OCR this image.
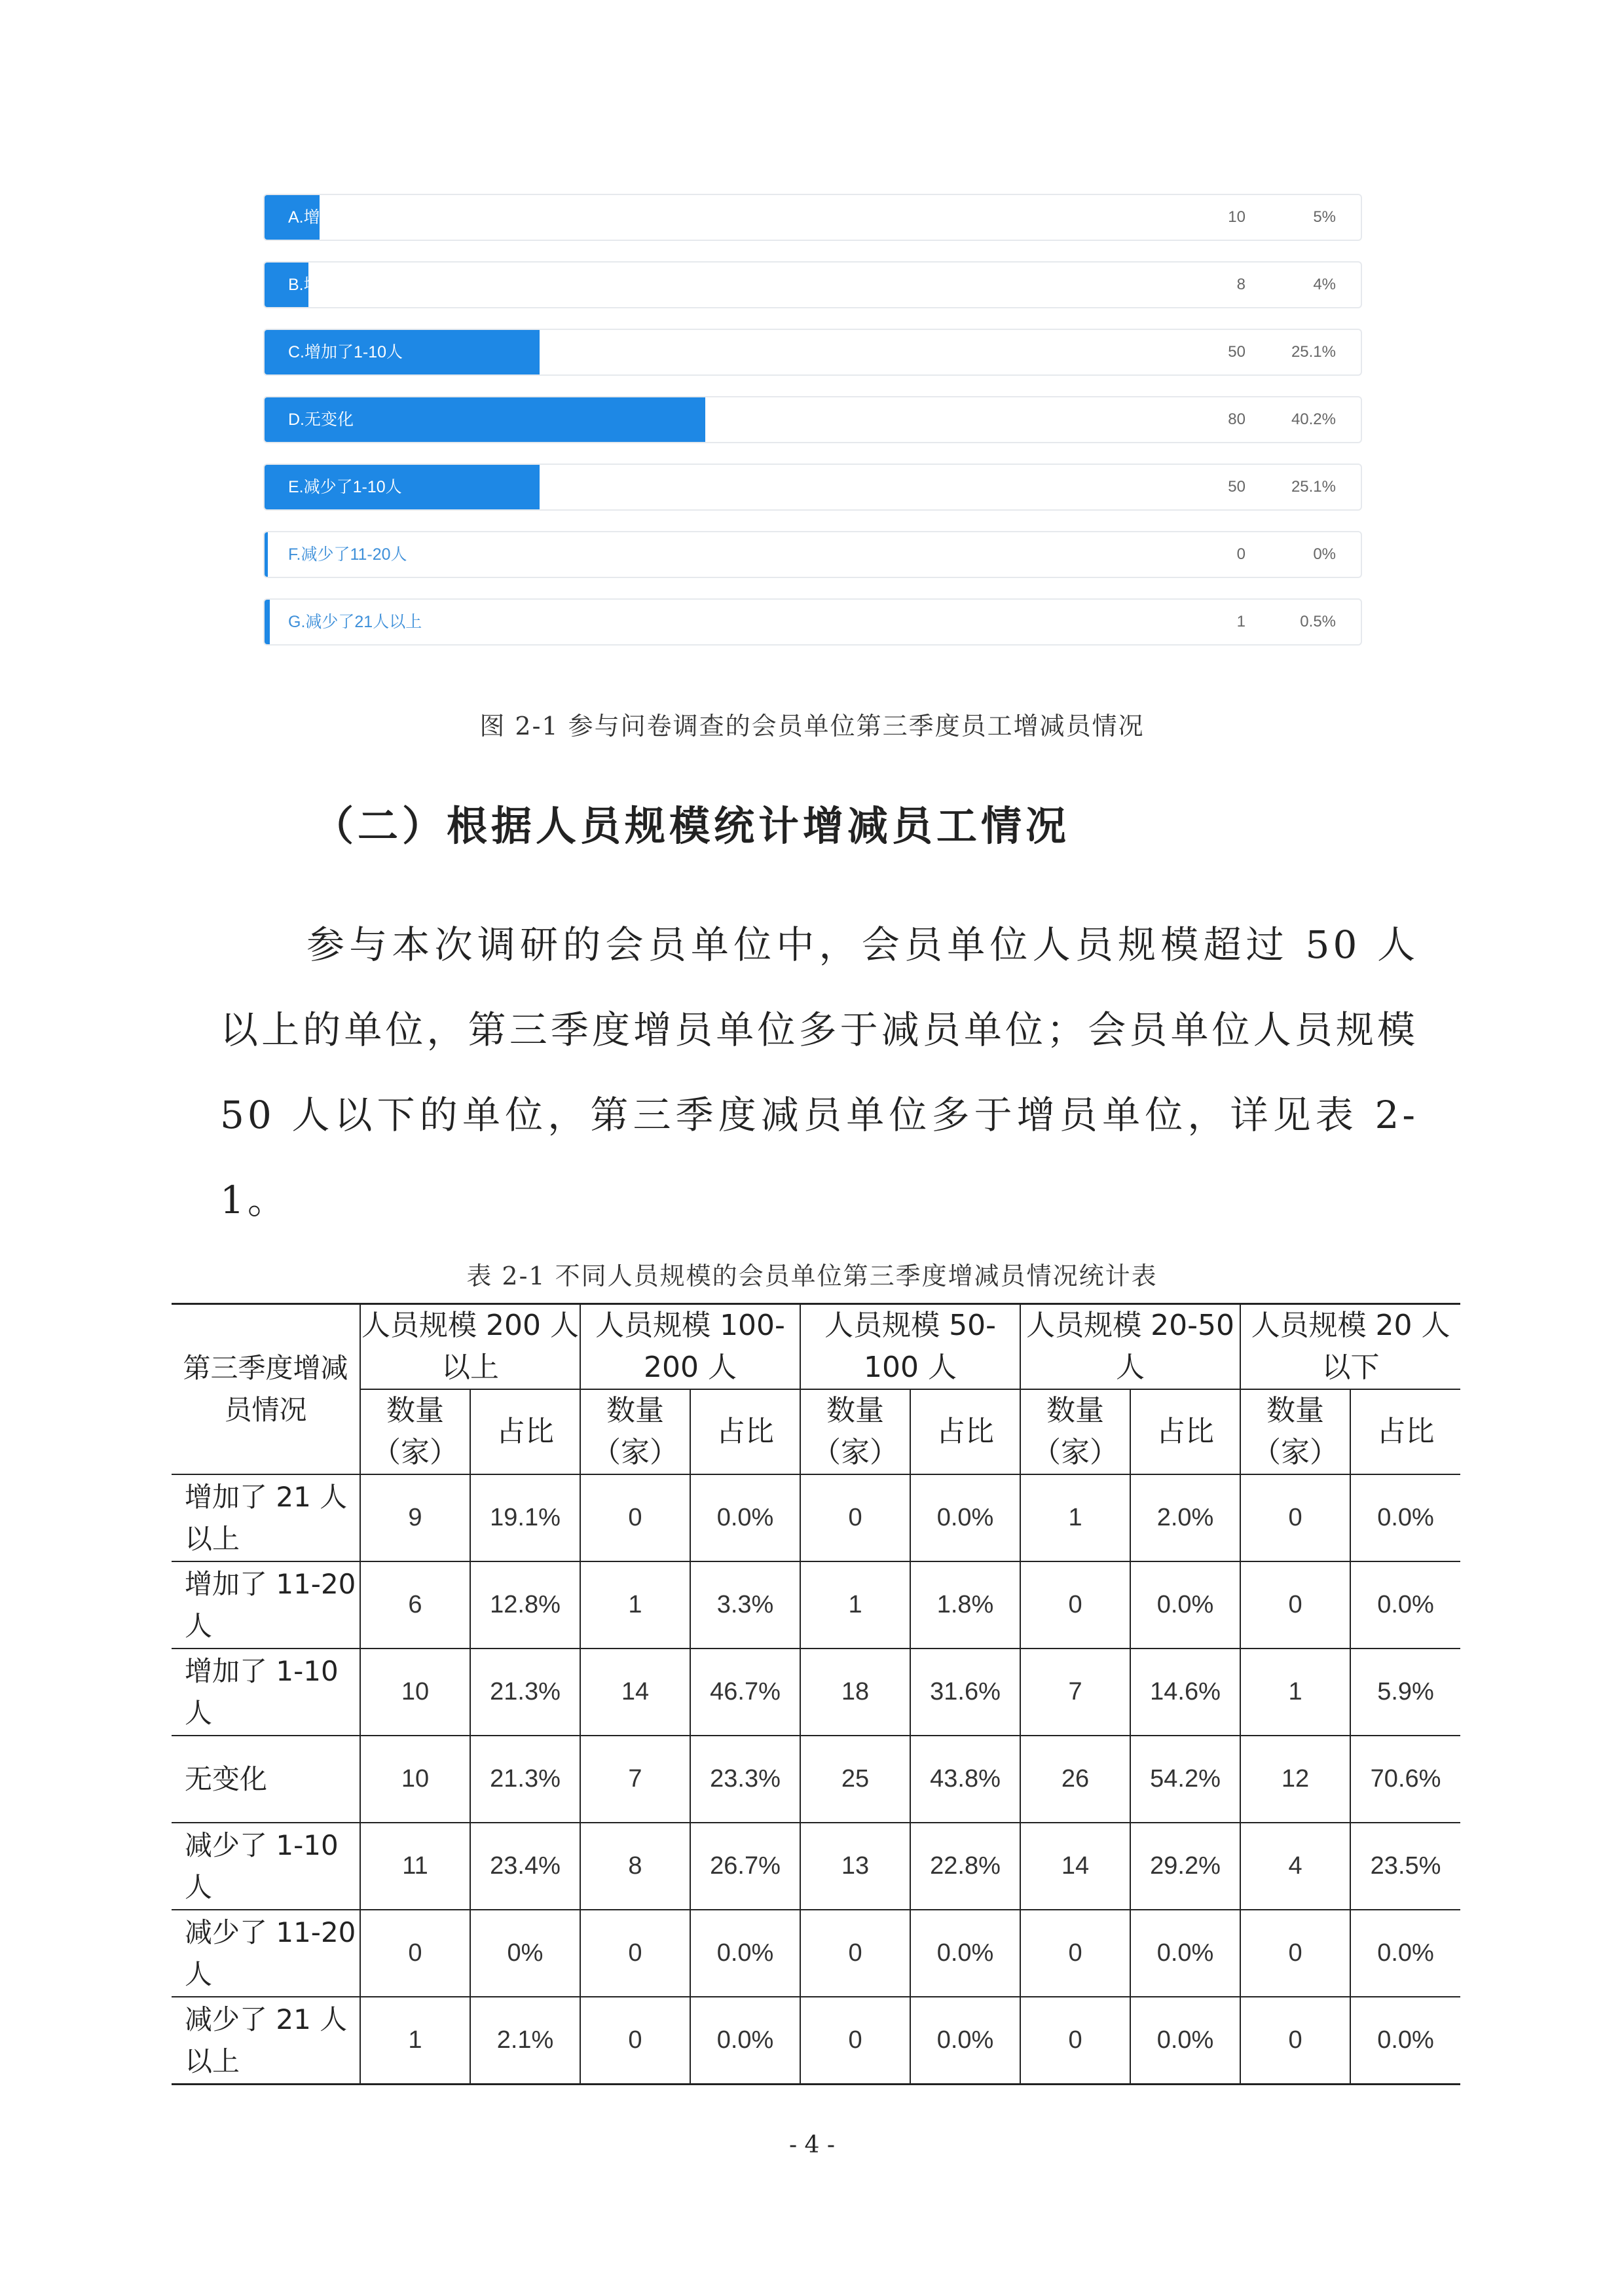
A.增加了21人以上	10	5%
B.增加了11-20人	8	4%
C.增加了1-10人	50	25.1%
D.无变化	80	40.2%
E.减少了1-10人	50	25.1%
F.减少了11-20人	0	0%
G.减少了21人以上	1	0.5%
图 2-1 参与问卷调查的会员单位第三季度员工增减员情况
（二）根据人员规模统计增减员工情况

参与本次调研的会员单位中，会员单位人员规模超过 50 人以上的单位，第三季度增员单位多于减员单位；会员单位人员规模 50 人以下的单位，第三季度减员单位多于增员单位，详见表 2-1。

表 2-1 不同人员规模的会员单位第三季度增减员情况统计表
第三季度增减员情况	人员规模 200 人以上		人员规模 100-200 人		人员规模 50-100 人		人员规模 20-50 人		人员规模 20 人以下	
	数量（家）	占比	数量（家）	占比	数量（家）	占比	数量（家）	占比	数量（家）	占比
增加了 21 人以上	9	19.1%	0	0.0%	0	0.0%	1	2.0%	0	0.0%
增加了 11-20 人	6	12.8%	1	3.3%	1	1.8%	0	0.0%	0	0.0%
增加了 1-10 人	10	21.3%	14	46.7%	18	31.6%	7	14.6%	1	5.9%
无变化	10	21.3%	7	23.3%	25	43.8%	26	54.2%	12	70.6%
减少了 1-10 人	11	23.4%	8	26.7%	13	22.8%	14	29.2%	4	23.5%
减少了 11-20 人	0	0%	0	0.0%	0	0.0%	0	0.0%	0	0.0%
减少了 21 人以上	1	2.1%	0	0.0%	0	0.0%	0	0.0%	0	0.0%
- 4 -
